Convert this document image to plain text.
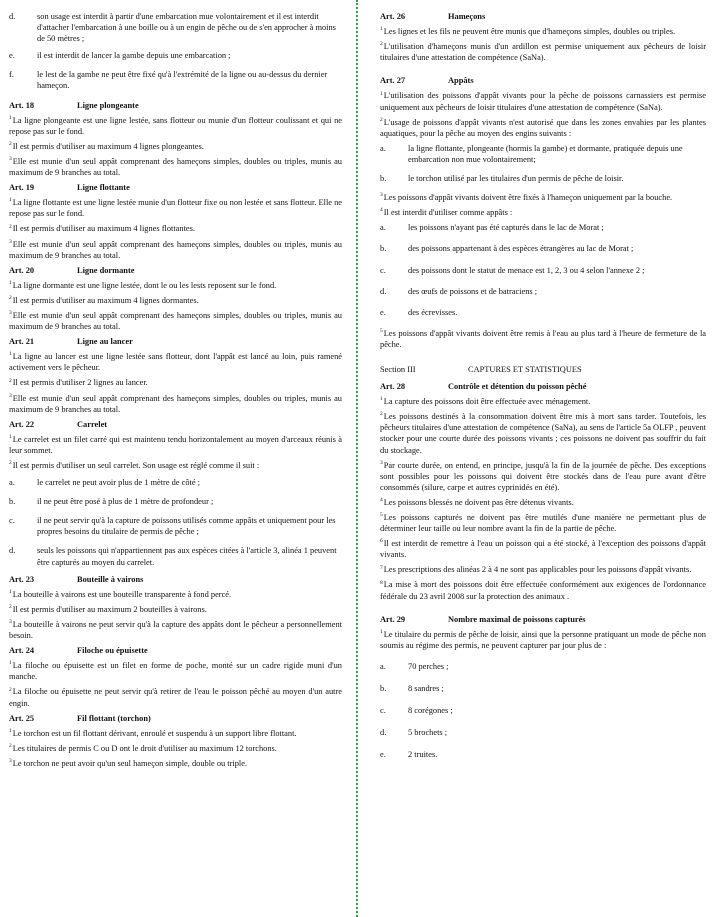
d.	son usage est interdit à partir d'une embarcation mue volontairement et il est interdit d'attacher l'embarcation à une boille ou à un engin de pêche ou de s'en approcher à moins de 50 mètres ;
e.	il est interdit de lancer la gambe depuis une embarcation ;
f.	le lest de la gambe ne peut être fixé qu'à l'extrémité de la ligne ou au-dessus du dernier hameçon.
Art. 18	Ligne plongeante

$^1$La ligne plongeante est une ligne lestée, sans flotteur ou munie d'un flotteur coulissant et qui ne repose pas sur le fond.

$^2$Il est permis d'utiliser au maximum 4 lignes plongeantes.

$^3$Elle est munie d'un seul appât comprenant des hameçons simples, doubles ou triples, munis au maximum de 9 branches au total.

Art. 19	Ligne flottante

$^1$La ligne flottante est une ligne lestée munie d'un flotteur fixe ou non lestée et sans flotteur. Elle ne repose pas sur le fond.

$^2$Il est permis d'utiliser au maximum 4 lignes flottantes.

$^3$Elle est munie d'un seul appât comprenant des hameçons simples, doubles ou triples, munis au maximum de 9 branches au total.

Art. 20	Ligne dormante

$^1$La ligne dormante est une ligne lestée, dont le ou les lests reposent sur le fond.

$^2$Il est permis d'utiliser au maximum 4 lignes dormantes.

$^3$Elle est munie d'un seul appât comprenant des hameçons simples, doubles ou triples, munis au maximum de 9 branches au total.

Art. 21	Ligne au lancer

$^1$La ligne au lancer est une ligne lestée sans flotteur, dont l'appât est lancé au loin, puis ramené activement vers le pêcheur.

$^2$Il est permis d'utiliser 2 lignes au lancer.

$^3$Elle est munie d'un seul appât comprenant des hameçons simples, doubles ou triples, munis au maximum de 9 branches au total.

Art. 22	Carrelet

$^1$Le carrelet est un filet carré qui est maintenu tendu horizontalement au moyen d'arceaux réunis à leur sommet.

$^2$Il est permis d'utiliser un seul carrelet. Son usage est réglé comme il suit :

a.	le carrelet ne peut avoir plus de 1 mètre de côté ;
b.	il ne peut être posé à plus de 1 mètre de profondeur ;
c.	il ne peut servir qu'à la capture de poissons utilisés comme appâts et uniquement pour les propres besoins du titulaire de permis de pêche ;
d.	seuls les poissons qui n'appartiennent pas aux espèces citées à l'article 3, alinéa 1 peuvent être capturés au moyen du carrelet.
Art. 23	Bouteille à vairons

$^1$La bouteille à vairons est une bouteille transparente à fond percé.

$^2$Il est permis d'utiliser au maximum 2 bouteilles à vairons.

$^3$La bouteille à vairons ne peut servir qu'à la capture des appâts dont le pêcheur a personnellement besoin.

Art. 24	Filoche ou épuisette

$^1$La filoche ou épuisette est un filet en forme de poche, monté sur un cadre rigide muni d'un manche.

$^2$La filoche ou épuisette ne peut servir qu'à retirer de l'eau le poisson pêché au moyen d'un autre engin.

Art. 25	Fil flottant (torchon)

$^1$Le torchon est un fil flottant dérivant, enroulé et suspendu à un support libre flottant.

$^2$Les titulaires de permis C ou D ont le droit d'utiliser au maximum 12 torchons.

$^3$Le torchon ne peut avoir qu'un seul hameçon simple, double ou triple.

Art. 26	Hameçons

$^1$Les lignes et les fils ne peuvent être munis que d'hameçons simples, doubles ou triples.

$^2$L'utilisation d'hameçons munis d'un ardillon est permise uniquement aux pêcheurs de loisir titulaires d'une attestation de compétence (SaNa).

Art. 27	Appâts

$^1$L'utilisation des poissons d'appât vivants pour la pêche de poissons carnassiers est permise uniquement aux pêcheurs de loisir titulaires d'une attestation de compétence (SaNa).

$^2$L'usage de poissons d'appât vivants n'est autorisé que dans les zones envahies par les plantes aquatiques, pour la pêche au moyen des engins suivants :

a.	la ligne flottante, plongeante (hormis la gambe) et dormante, pratiquée depuis une embarcation non mue volontairement;
b.	le torchon utilisé par les titulaires d'un permis de pêche de loisir.

$^3$Les poissons d'appât vivants doivent être fixés à l'hameçon uniquement par la bouche.

$^4$Il est interdit d'utiliser comme appâts :

a.	les poissons n'ayant pas été capturés dans le lac de Morat ;
b.	des poissons appartenant à des espèces étrangères au lac de Morat ;
c.	des poissons dont le statut de menace est 1, 2, 3 ou 4 selon l'annexe 2 ;
d.	des œufs de poissons et de batraciens ;
e.	des écrevisses.

$^5$Les poissons d'appât vivants doivent être remis à l'eau au plus tard à l'heure de fermeture de la pêche.

Section III	CAPTURES ET STATISTIQUES
Art. 28	Contrôle et détention du poisson pêché

$^1$La capture des poissons doit être effectuée avec ménagement.

$^2$Les poissons destinés à la consommation doivent être mis à mort sans tarder. Toutefois, les pêcheurs titulaires d'une attestation de compétence (SaNa), au sens de l'article 5a OLFP , peuvent stocker pour une courte durée des poissons vivants ; ces poissons ne doivent pas souffrir du fait du stockage.

$^3$Par courte durée, on entend, en principe, jusqu'à la fin de la journée de pêche. Des exceptions sont possibles pour les poissons qui doivent être stockés dans de l'eau pure avant d'être consommés (silure, carpe et autres cyprinidés en été).

$^4$Les poissons blessés ne doivent pas être détenus vivants.

$^5$Les poissons capturés ne doivent pas être mutilés d'une manière ne permettant plus de déterminer leur taille ou leur nombre avant la fin de la partie de pêche.

$^6$Il est interdit de remettre à l'eau un poisson qui a été stocké, à l'exception des poissons d'appât vivants.

$^7$Les prescriptions des alinéas 2 à 4 ne sont pas applicables pour les poissons d'appât vivants.

$^8$La mise à mort des poissons doit être effectuée conformément aux exigences de l'ordonnance fédérale du 23 avril 2008 sur la protection des animaux .

Art. 29	Nombre maximal de poissons capturés

$^1$Le titulaire du permis de pêche de loisir, ainsi que la personne pratiquant un mode de pêche non soumis au régime des permis, ne peuvent capturer par jour plus de :

a.	70 perches ;
b.	8 sandres ;
c.	8 corégones ;
d.	5 brochets ;
e.	2 truites.
